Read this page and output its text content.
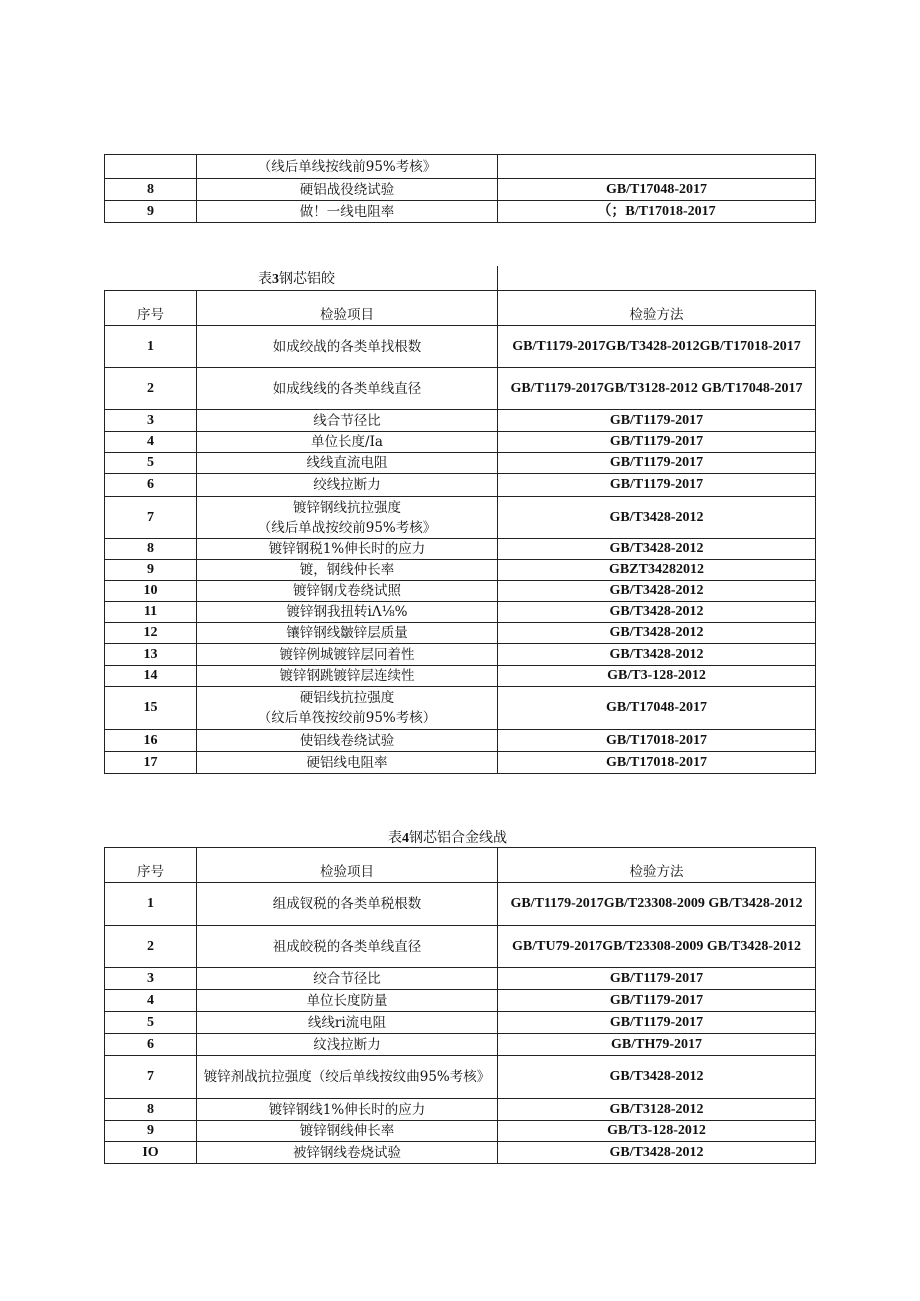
	（线后单线按线前95%考核》	
8	硬铝战役绕试验	GB/T17048-2017
9	做！一线电阻率	（；B/T17018-2017
表3钢芯铝皎
序号	检验项目	检验方法
1	如成绞战的各类单找根数	GB/T1179-2017GB/T3428-2012GB/T17018-2017
2	如成线线的各类单线直径	GB/T1179-2017GB/T3128-2012 GB/T17048-2017
3	线合节径比	GB/T1179-2017
4	单位长度/Ia	GB/T1179-2017
5	线线直流电阻	GB/T1179-2017
6	绞线拉断力	GB/T1179-2017
7	镀锌钢线抗拉强度
（线后单战按绞前95%考核》	GB/T3428-2012
8	镀锌钢税1%伸长时的应力	GB/T3428-2012
9	镀，钢线仲长率	GBZT34282012
10	镀锌钢戊卷绕试照	GB/T3428-2012
11	镀锌钢我扭转iΛ⅛%	GB/T3428-2012
12	镶锌钢线皺锌层质量	GB/T3428-2012
13	镀锌例城镀锌层冋着性	GB/T3428-2012
14	镀锌钢跳镀锌层连续性	GB/T3-128-2012
15	硬铝线抗拉强度
（纹后单筏按绞前95%考核）	GB/T17048-2017
16	使铝线卷绕试验	GB/T17018-2017
17	硬铝线电阻率	GB/T17018-2017
表4钢芯铝合金线战
序号	检验项目	检验方法
1	组成钗税的各类单税根数	GB/T1179-2017GB/T23308-2009 GB/T3428-2012
2	祖成皎税的各类单线直径	GB/TU79-2017GB/T23308-2009 GB/T3428-2012
3	绞合节径比	GB/T1179-2017
4	单位长度防量	GB/T1179-2017
5	线线ri流电阻	GB/T1179-2017
6	纹浅拉断力	GB/TH79-2017
7	镀锌剂战抗拉强度（绞后单线按纹曲95%考核》	GB/T3428-2012
8	镀锌钢线1%伸长时的应力	GB/T3128-2012
9	镀锌钢线伸长率	GB/T3-128-2012
IO	被锌钢线卷烧试验	GB/T3428-2012
